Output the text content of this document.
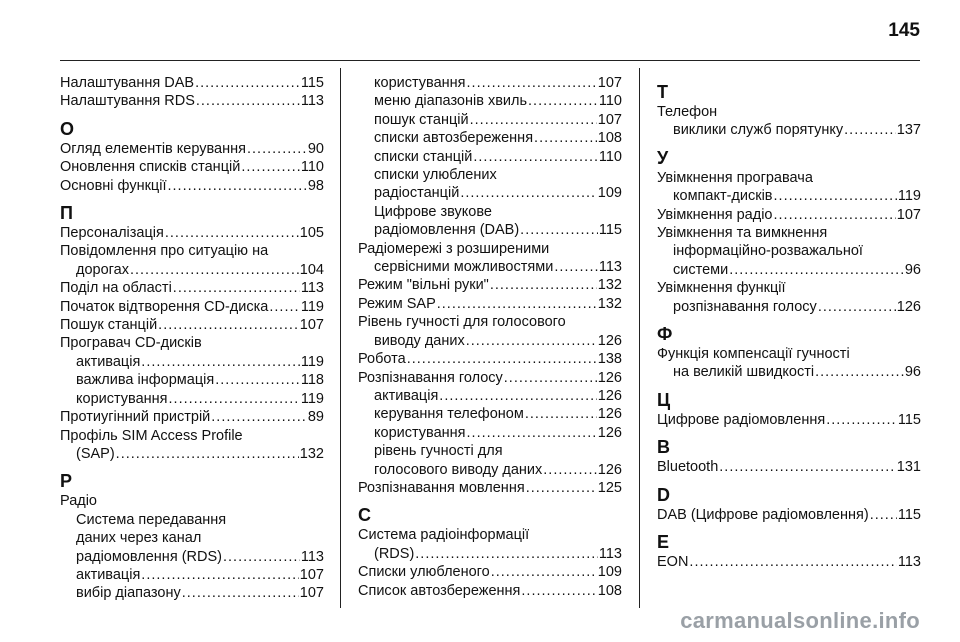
145
Налаштування DAB .....	115
Налаштування RDS .....	113
О
Огляд елементів керування .....	90
Оновлення списків станцій .....	110
Основні функції .....	98
П
Персоналізація .....	105
Повідомлення про ситуацію на
дорогах .....	104
Поділ на області .....	113
Початок відтворення CD-диска ..... 119
Пошук станцій .....	107
Програвач CD-дисків
активація .....	119
важлива інформація .....	118
користування .....	119
Протиугінний пристрій .....	89
Профіль SIM Access Profile
(SAP) .....	132
Р
Радіо
Система передавання
даних через канал
радіомовлення (RDS) .....	113
активація .....	107
вибір діапазону .....	107
користування .....	107
меню діапазонів хвиль .....	110
пошук станцій .....	107
списки автозбереження .....	108
списки станцій .....	110
списки улюблених
радіостанцій .....	109
Цифрове звукове
радіомовлення (DAB) .....	115
Радіомережі з розширеними
сервісними можливостями .....	113
Режим "вільні руки" .....	132
Режим SAP .....	132
Рівень гучності для голосового
виводу даних .....	126
Робота .....	138
Розпізнавання голосу .....	126
активація .....	126
керування телефоном .....	126
користування .....	126
рівень гучності для
голосового виводу даних .....	126
Розпізнавання мовлення .....	125
С
Система радіоінформації
(RDS) .....	113
Списки улюбленого .....	109
Список автозбереження .....	108
Т
Телефон
виклики служб порятунку .....	137
У
Увімкнення програвача
компакт-дисків .....	119
Увімкнення радіо .....	107
Увімкнення та вимкнення
інформаційно-розважальної
системи .....	96
Увімкнення функції
розпізнавання голосу .....	126
Ф
Функція компенсації гучності
на великій швидкості .....	96
Ц
Цифрове радіомовлення .....	115
B
Bluetooth .....	131
D
DAB (Цифрове радіомовлення) ..... 115
E
EON .....	113
carmanualsonline.info
